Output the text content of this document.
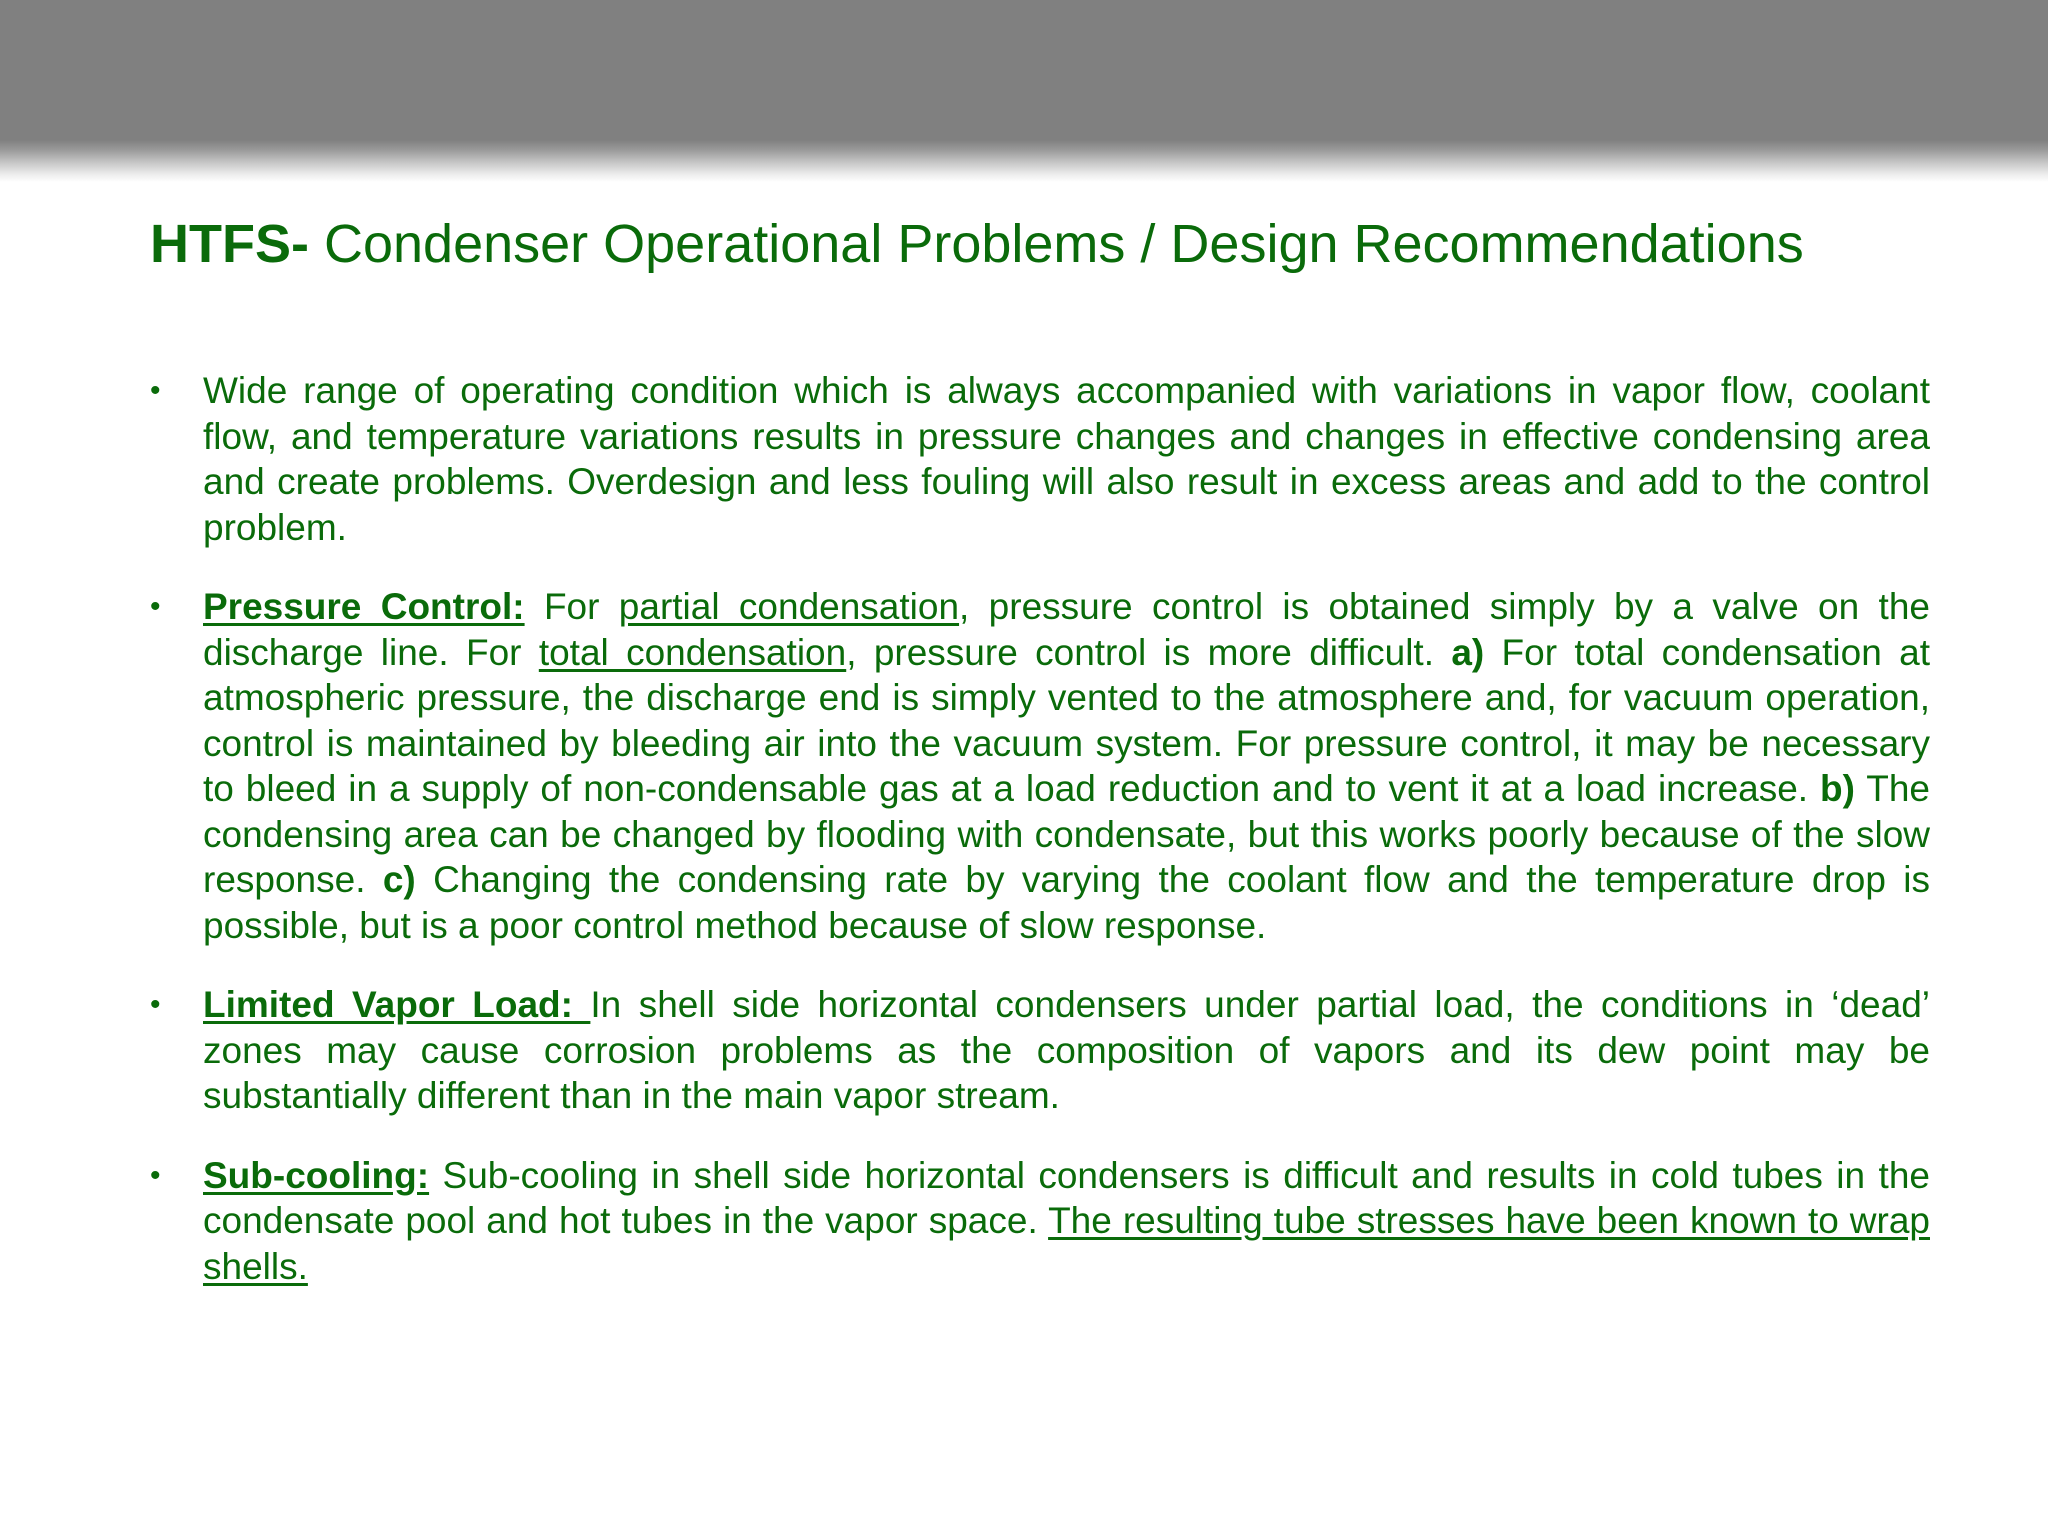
HTFS- Condenser Operational Problems / Design Recommendations
• Wide range of operating condition which is always accompanied with variations in vapor flow, coolant flow, and temperature variations results in pressure changes and changes in effective condensing area and create problems. Overdesign and less fouling will also result in excess areas and add to the control problem.
• Pressure Control: For partial condensation, pressure control is obtained simply by a valve on the discharge line. For total condensation, pressure control is more difficult. a) For total condensation at atmospheric pressure, the discharge end is simply vented to the atmosphere and, for vacuum operation, control is maintained by bleeding air into the vacuum system. For pressure control, it may be necessary to bleed in a supply of non-condensable gas at a load reduction and to vent it at a load increase. b) The condensing area can be changed by flooding with condensate, but this works poorly because of the slow response. c) Changing the condensing rate by varying the coolant flow and the temperature drop is possible, but is a poor control method because of slow response.
• Limited Vapor Load: In shell side horizontal condensers under partial load, the conditions in ‘dead’ zones may cause corrosion problems as the composition of vapors and its dew point may be substantially different than in the main vapor stream.
• Sub-cooling: Sub-cooling in shell side horizontal condensers is difficult and results in cold tubes in the condensate pool and hot tubes in the vapor space. The resulting tube stresses have been known to wrap shells.
